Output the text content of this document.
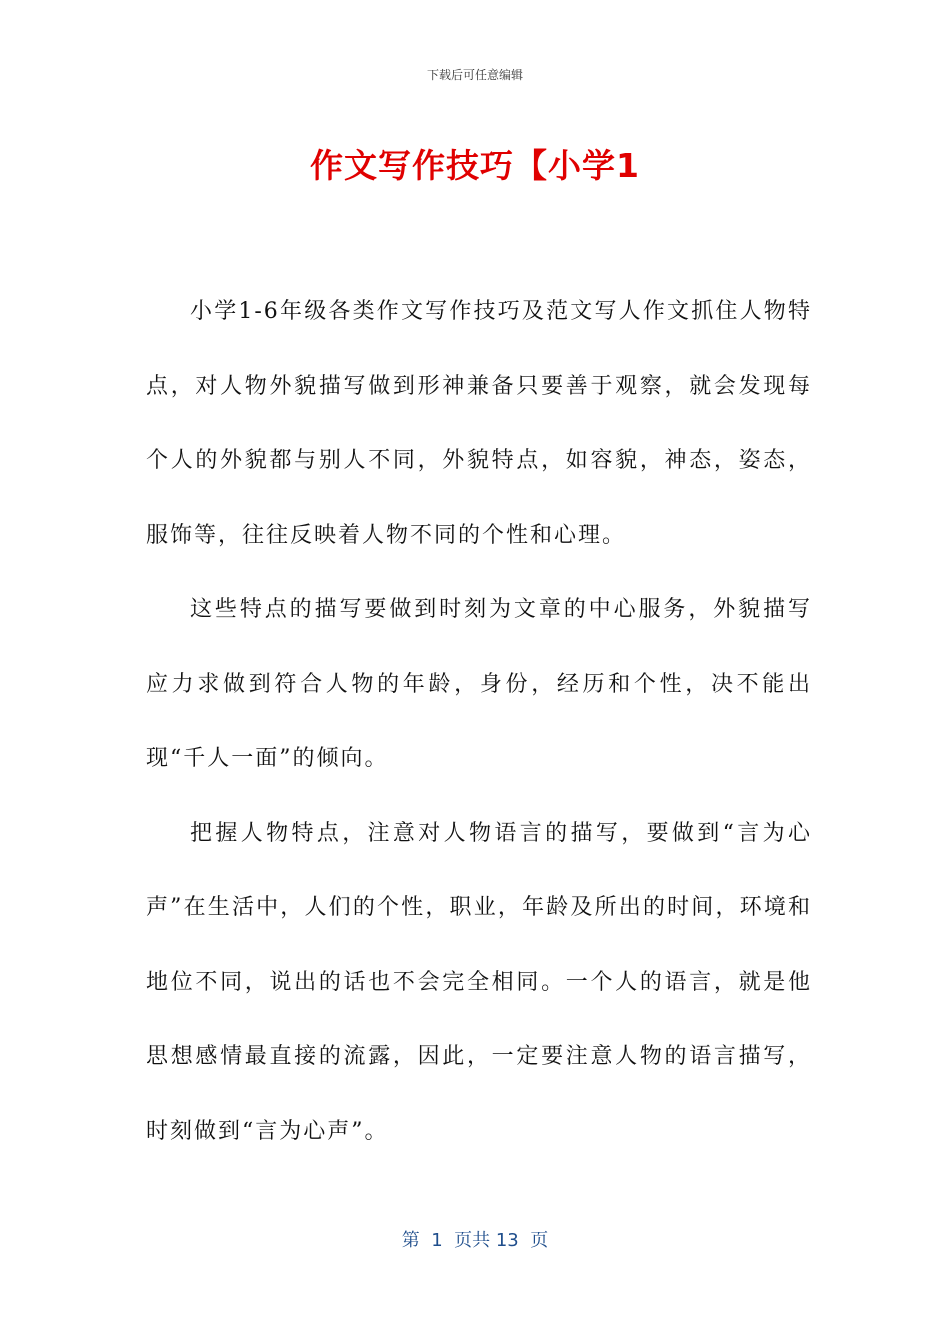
下载后可任意编辑
作文写作技巧【小学1

小学1-6年级各类作文写作技巧及范文写人作文抓住人物特点，对人物外貌描写做到形神兼备只要善于观察，就会发现每个人的外貌都与别人不同，外貌特点，如容貌，神态，姿态，服饰等，往往反映着人物不同的个性和心理。

这些特点的描写要做到时刻为文章的中心服务，外貌描写应力求做到符合人物的年龄，身份，经历和个性，决不能出现“千人一面”的倾向。

把握人物特点，注意对人物语言的描写，要做到“言为心声”在生活中，人们的个性，职业，年龄及所出的时间，环境和地位不同，说出的话也不会完全相同。一个人的语言，就是他思想感情最直接的流露，因此，一定要注意人物的语言描写，时刻做到“言为心声”。

第  1  页共 13  页
